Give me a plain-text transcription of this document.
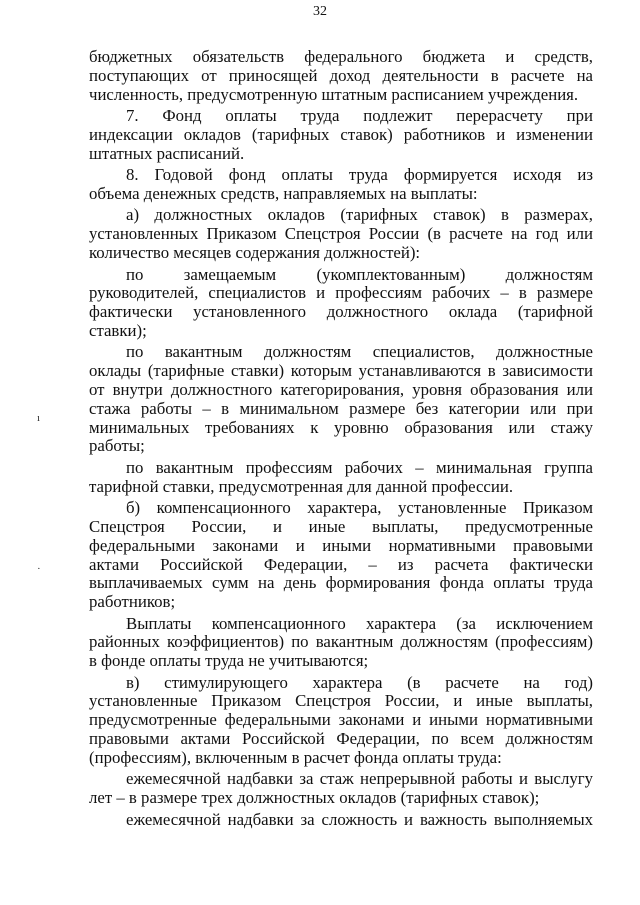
32
бюджетных обязательств федерального бюджета и средств,
поступающих от приносящей доход деятельности в расчете на
численность, предусмотренную штатным расписанием учреждения.
7. Фонд оплаты труда подлежит перерасчету при
индексации окладов (тарифных ставок) работников и изменении
штатных расписаний.
8. Годовой фонд оплаты труда формируется исходя из
объема денежных средств, направляемых на выплаты:
а) должностных окладов (тарифных ставок) в размерах,
установленных Приказом Спецстроя России (в расчете на год или
количество месяцев содержания должностей):
по замещаемым (укомплектованным) должностям
руководителей, специалистов и профессиям рабочих – в размере
фактически установленного должностного оклада (тарифной
ставки);
по вакантным должностям специалистов, должностные
оклады (тарифные ставки) которым устанавливаются в зависимости
от внутри должностного категорирования, уровня образования или
стажа работы – в минимальном размере без категории или при
минимальных требованиях к уровню образования или стажу
работы;
по вакантным профессиям рабочих – минимальная группа
тарифной ставки, предусмотренная для данной профессии.
б) компенсационного характера, установленные Приказом
Спецстроя России, и иные выплаты, предусмотренные
федеральными законами и иными нормативными правовыми
актами Российской Федерации, – из расчета фактически
выплачиваемых сумм на день формирования фонда оплаты труда
работников;
Выплаты компенсационного характера (за исключением
районных коэффициентов) по вакантным должностям (профессиям)
в фонде оплаты труда не учитываются;
в) стимулирующего характера (в расчете на год)
установленные Приказом Спецстроя России, и иные выплаты,
предусмотренные федеральными законами и иными нормативными
правовыми актами Российской Федерации, по всем должностям
(профессиям), включенным в расчет фонда оплаты труда:
ежемесячной надбавки за стаж непрерывной работы и выслугу
лет – в размере трех должностных окладов (тарифных ставок);
ежемесячной надбавки за сложность и важность выполняемых
ı
·
